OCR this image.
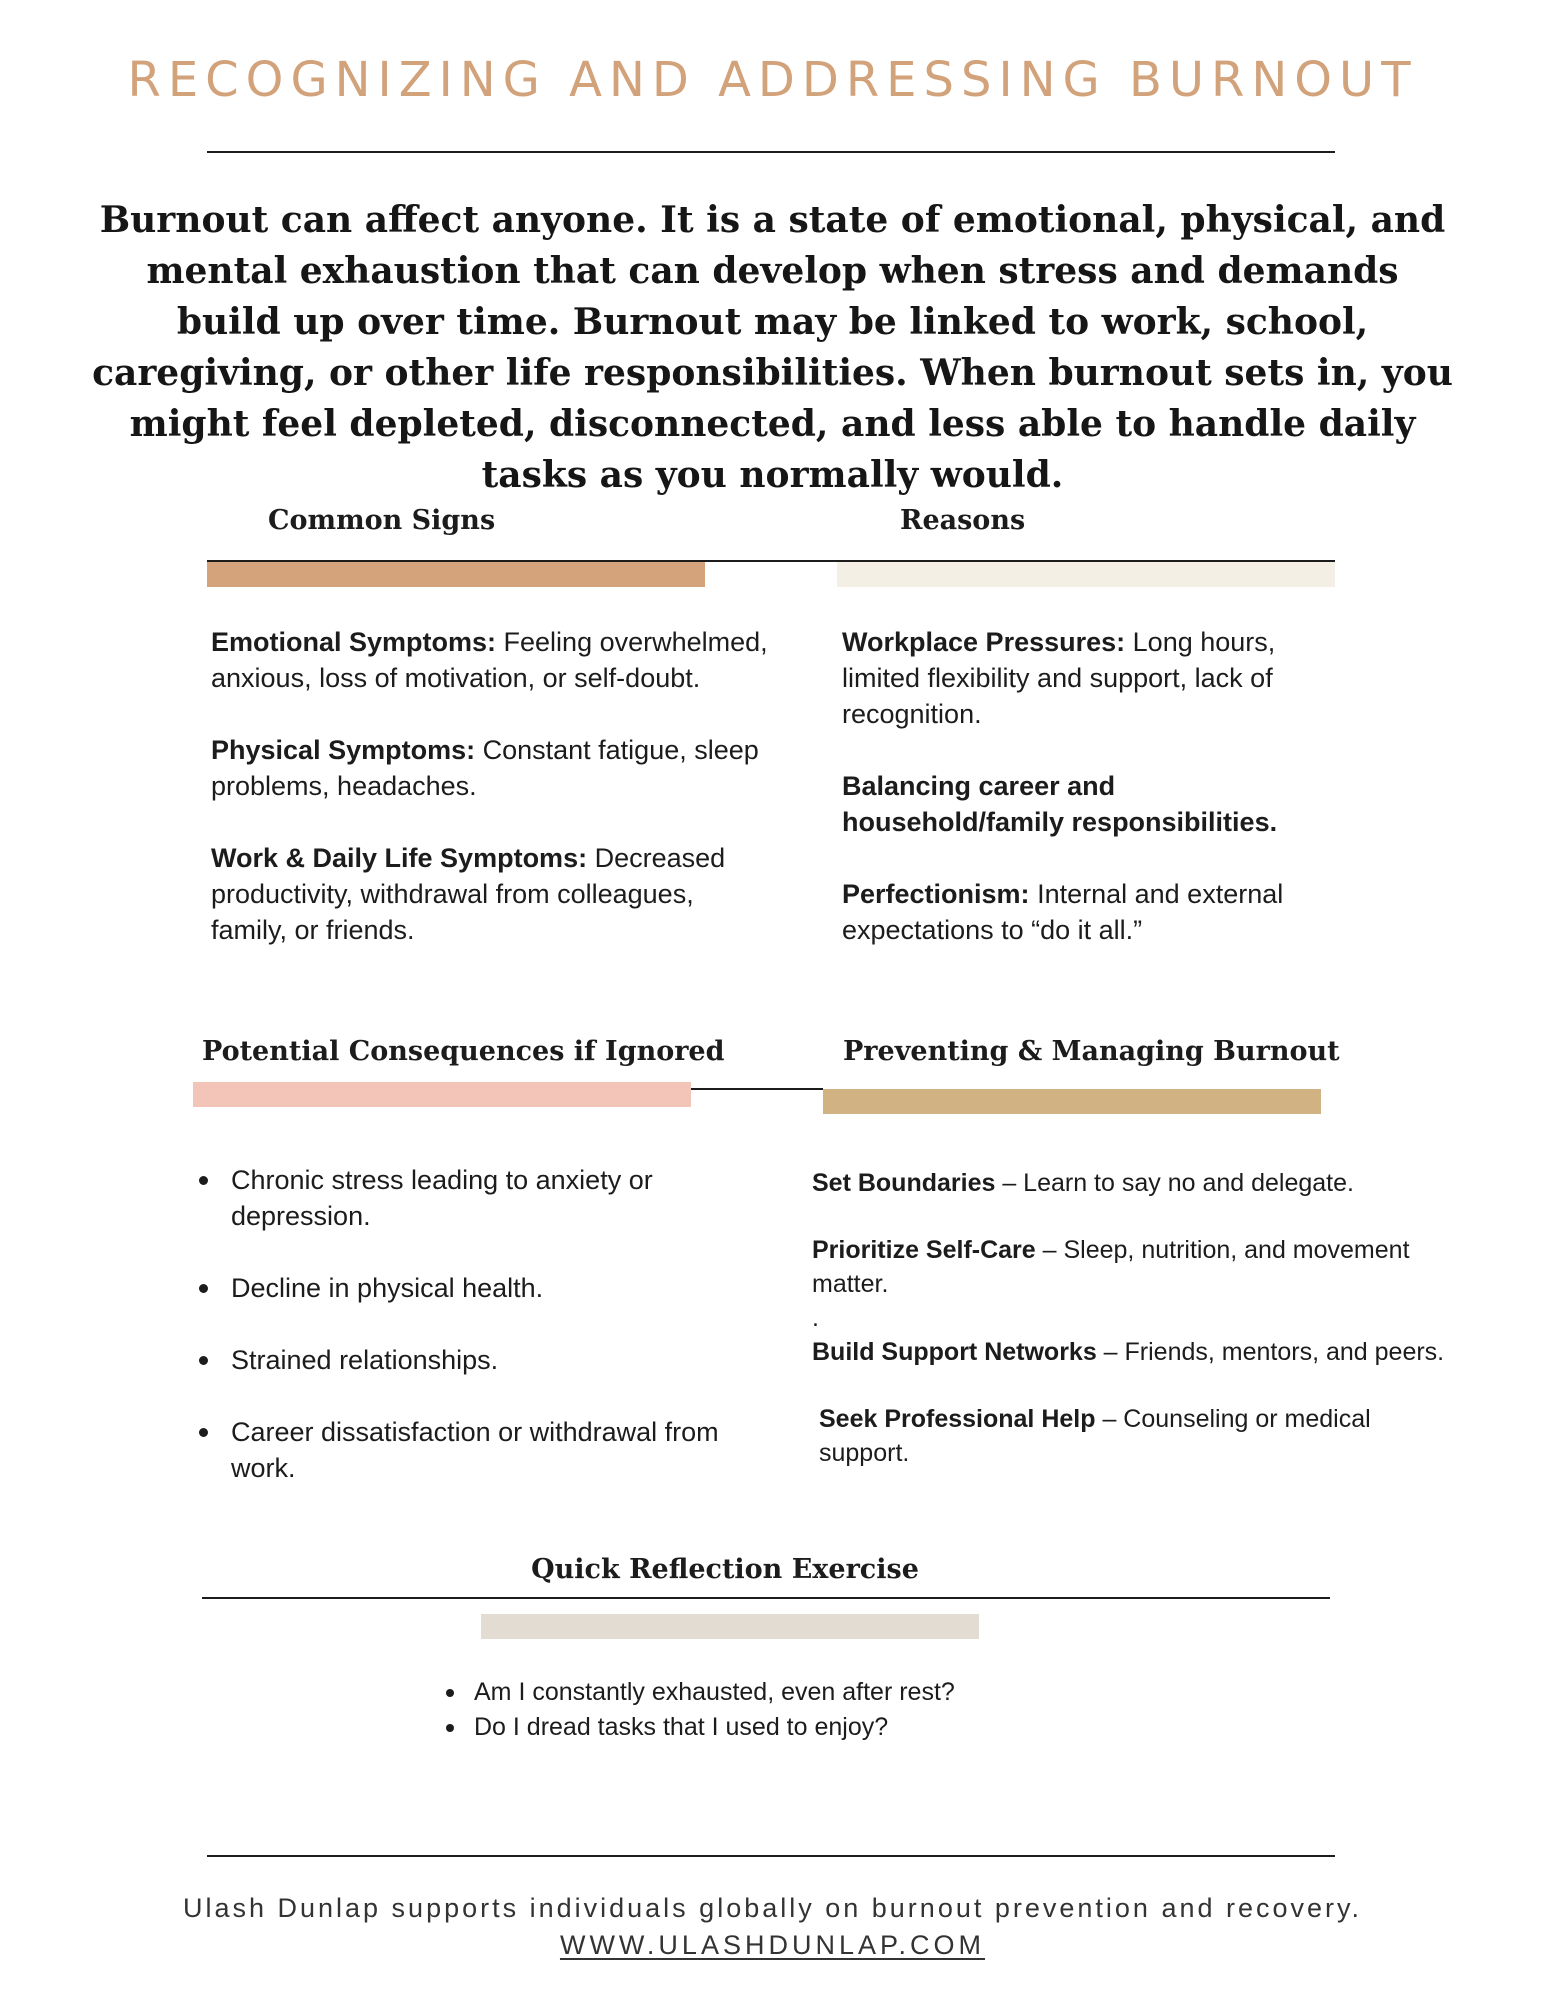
RECOGNIZING AND ADDRESSING BURNOUT
Burnout can affect anyone. It is a state of emotional, physical, and mental exhaustion that can develop when stress and demands build up over time. Burnout may be linked to work, school, caregiving, or other life responsibilities. When burnout sets in, you might feel depleted, disconnected, and less able to handle daily tasks as you normally would.
Common Signs	Reasons
Emotional Symptoms: Feeling overwhelmed, anxious, loss of motivation, or self-doubt.
Physical Symptoms: Constant fatigue, sleep problems, headaches.
Work & Daily Life Symptoms: Decreased productivity, withdrawal from colleagues, family, or friends.
Workplace Pressures: Long hours, limited flexibility and support, lack of recognition.
Balancing career and household/family responsibilities.
Perfectionism: Internal and external expectations to “do it all.”
Potential Consequences if Ignored	Preventing & Managing Burnout
Chronic stress leading to anxiety or depression.
Decline in physical health.
Strained relationships.
Career dissatisfaction or withdrawal from work.
Set Boundaries – Learn to say no and delegate.
Prioritize Self-Care – Sleep, nutrition, and movement matter.
.
Build Support Networks – Friends, mentors, and peers.
Seek Professional Help – Counseling or medical support.
Quick Reflection Exercise
Am I constantly exhausted, even after rest?
Do I dread tasks that I used to enjoy?
Ulash Dunlap supports individuals globally on burnout prevention and recovery.
WWW.ULASHDUNLAP.COM
